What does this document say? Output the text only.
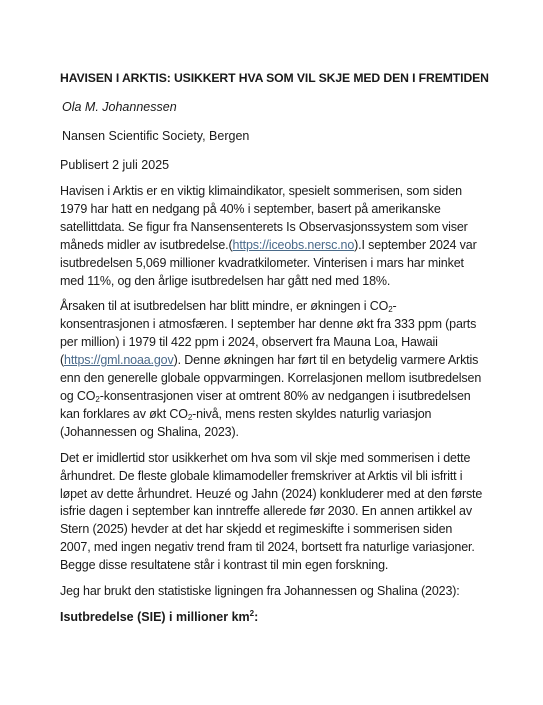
HAVISEN I ARKTIS: USIKKERT HVA SOM VIL SKJE MED DEN I FREMTIDEN
Ola M. Johannessen
Nansen Scientific Society, Bergen
Publisert 2 juli 2025

Havisen i Arktis er en viktig klimaindikator, spesielt sommerisen, som siden 1979 har hatt en nedgang på 40% i september, basert på amerikanske satellittdata. Se figur fra Nansensenterets Is Observasjonssystem som viser måneds midler av isutbredelse.(https://iceobs.nersc.no).I september 2024 var isutbredelsen 5,069 millioner kvadratkilometer. Vinterisen i mars har minket med 11%, og den årlige isutbredelsen har gått ned med 18%.

Årsaken til at isutbredelsen har blitt mindre, er økningen i $CO_2$-konsentrasjonen i atmosfæren. I september har denne økt fra 333 ppm (parts per million) i 1979 til 422 ppm i 2024, observert fra Mauna Loa, Hawaii (https://gml.noaa.gov). Denne økningen har ført til en betydelig varmere Arktis enn den generelle globale oppvarmingen. Korrelasjonen mellom isutbredelsen og $CO_2$-konsentrasjonen viser at omtrent 80% av nedgangen i isutbredelsen kan forklares av økt $CO_2$-nivå, mens resten skyldes naturlig variasjon (Johannessen og Shalina, 2023).

Det er imidlertid stor usikkerhet om hva som vil skje med sommerisen i dette århundret. De fleste globale klimamodeller fremskriver at Arktis vil bli isfritt i løpet av dette århundret. Heuzé og Jahn (2024) konkluderer med at den første isfrie dagen i september kan inntreffe allerede før 2030. En annen artikkel av Stern (2025) hevder at det har skjedd et regimeskifte i sommerisen siden 2007, med ingen negativ trend fram til 2024, bortsett fra naturlige variasjoner. Begge disse resultatene står i kontrast til min egen forskning.

Jeg har brukt den statistiske ligningen fra Johannessen og Shalina (2023):

Isutbredelse (SIE) i millioner $km^2$:
